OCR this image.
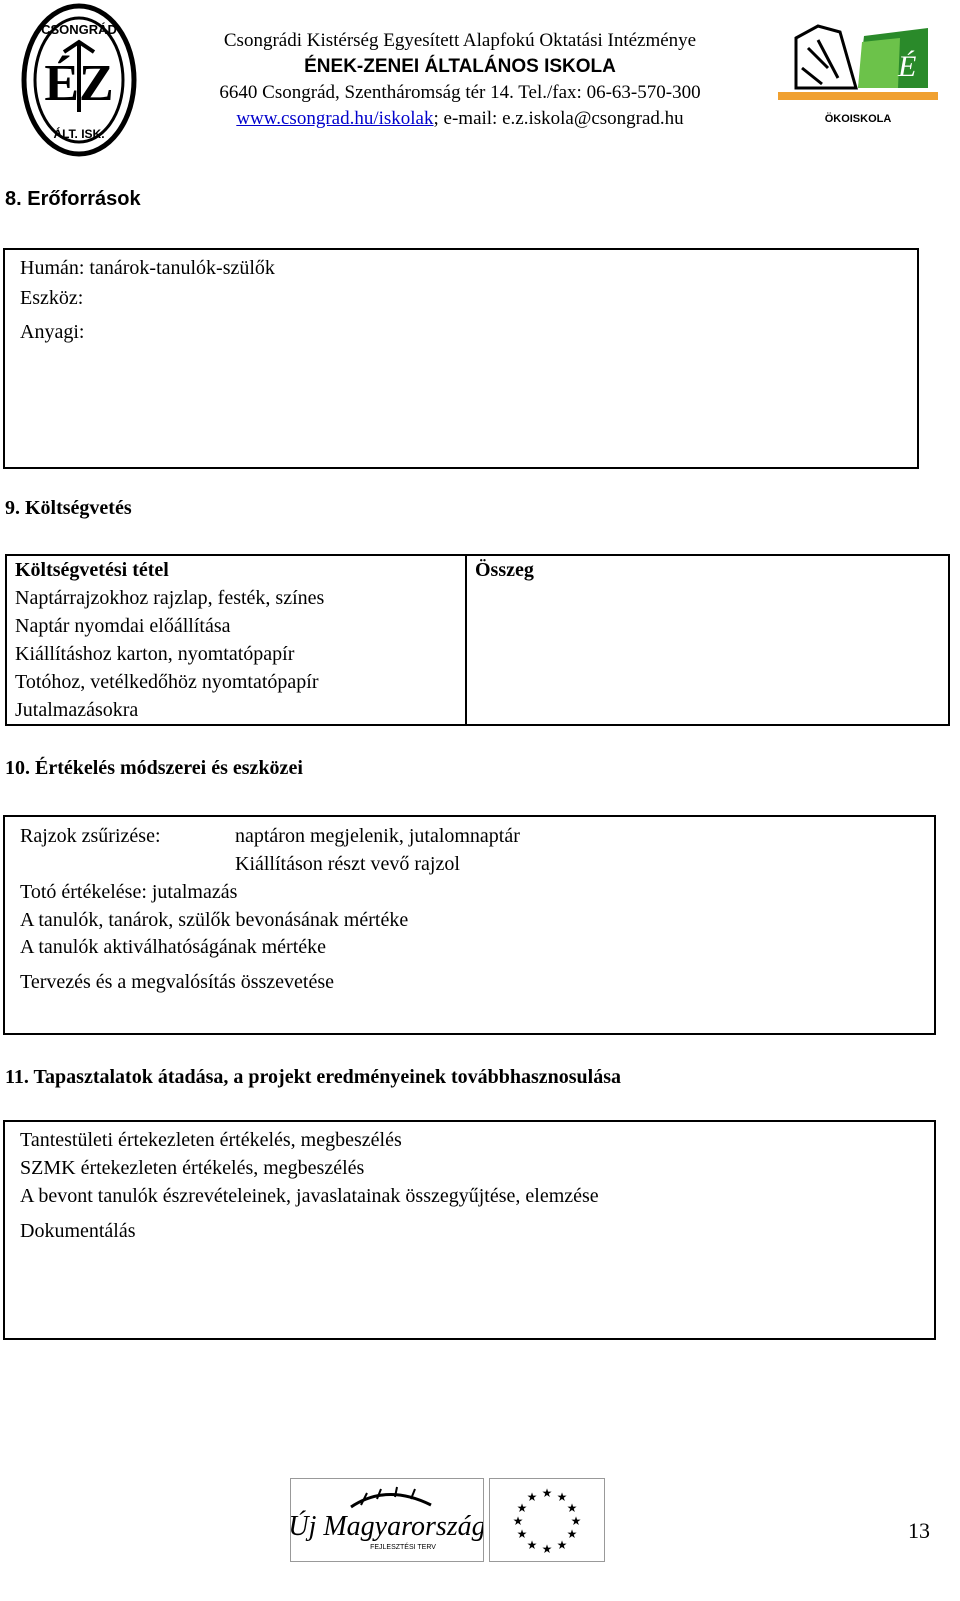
CSONGRÁD
ÉZ
ÁLT. ISK.
Csongrádi Kistérség Egyesített Alapfokú Oktatási Intézménye
ÉNEK-ZENEI ÁLTALÁNOS ISKOLA
6640 Csongrád, Szentháromság tér 14. Tel./fax: 06-63-570-300
www.csongrad.hu/iskolak; e-mail: e.z.iskola@csongrad.hu
É
ÖKOISKOLA
8. Erőforrások
Humán: tanárok-tanulók-szülők
Eszköz:
Anyagi:
9. Költségvetés
Költségvetési tétel	Összeg
Naptárrajzokhoz rajzlap, festék, színes	
Naptár nyomdai előállítása	
Kiállításhoz karton, nyomtatópapír	
Totóhoz, vetélkedőhöz nyomtatópapír	
Jutalmazásokra	
10. Értékelés módszerei és eszközei
Rajzok zsűrizése:	naptáron megjelenik, jutalomnaptár
Kiállításon részt vevő rajzol
Totó értékelése: jutalmazás
A tanulók, tanárok, szülők bevonásának mértéke
A tanulók aktiválhatóságának mértéke
Tervezés és a megvalósítás összevetése
11. Tapasztalatok átadása, a projekt eredményeinek továbbhasznosulása
Tantestületi értekezleten értékelés, megbeszélés
SZMK értekezleten értékelés, megbeszélés
A bevont tanulók észrevételeinek, javaslatainak összegyűjtése, elemzése
Dokumentálás
Új Magyarország
FEJLESZTÉSI TERV
★ ★
★
★
★
★
★
★
★
★
★
★
13
